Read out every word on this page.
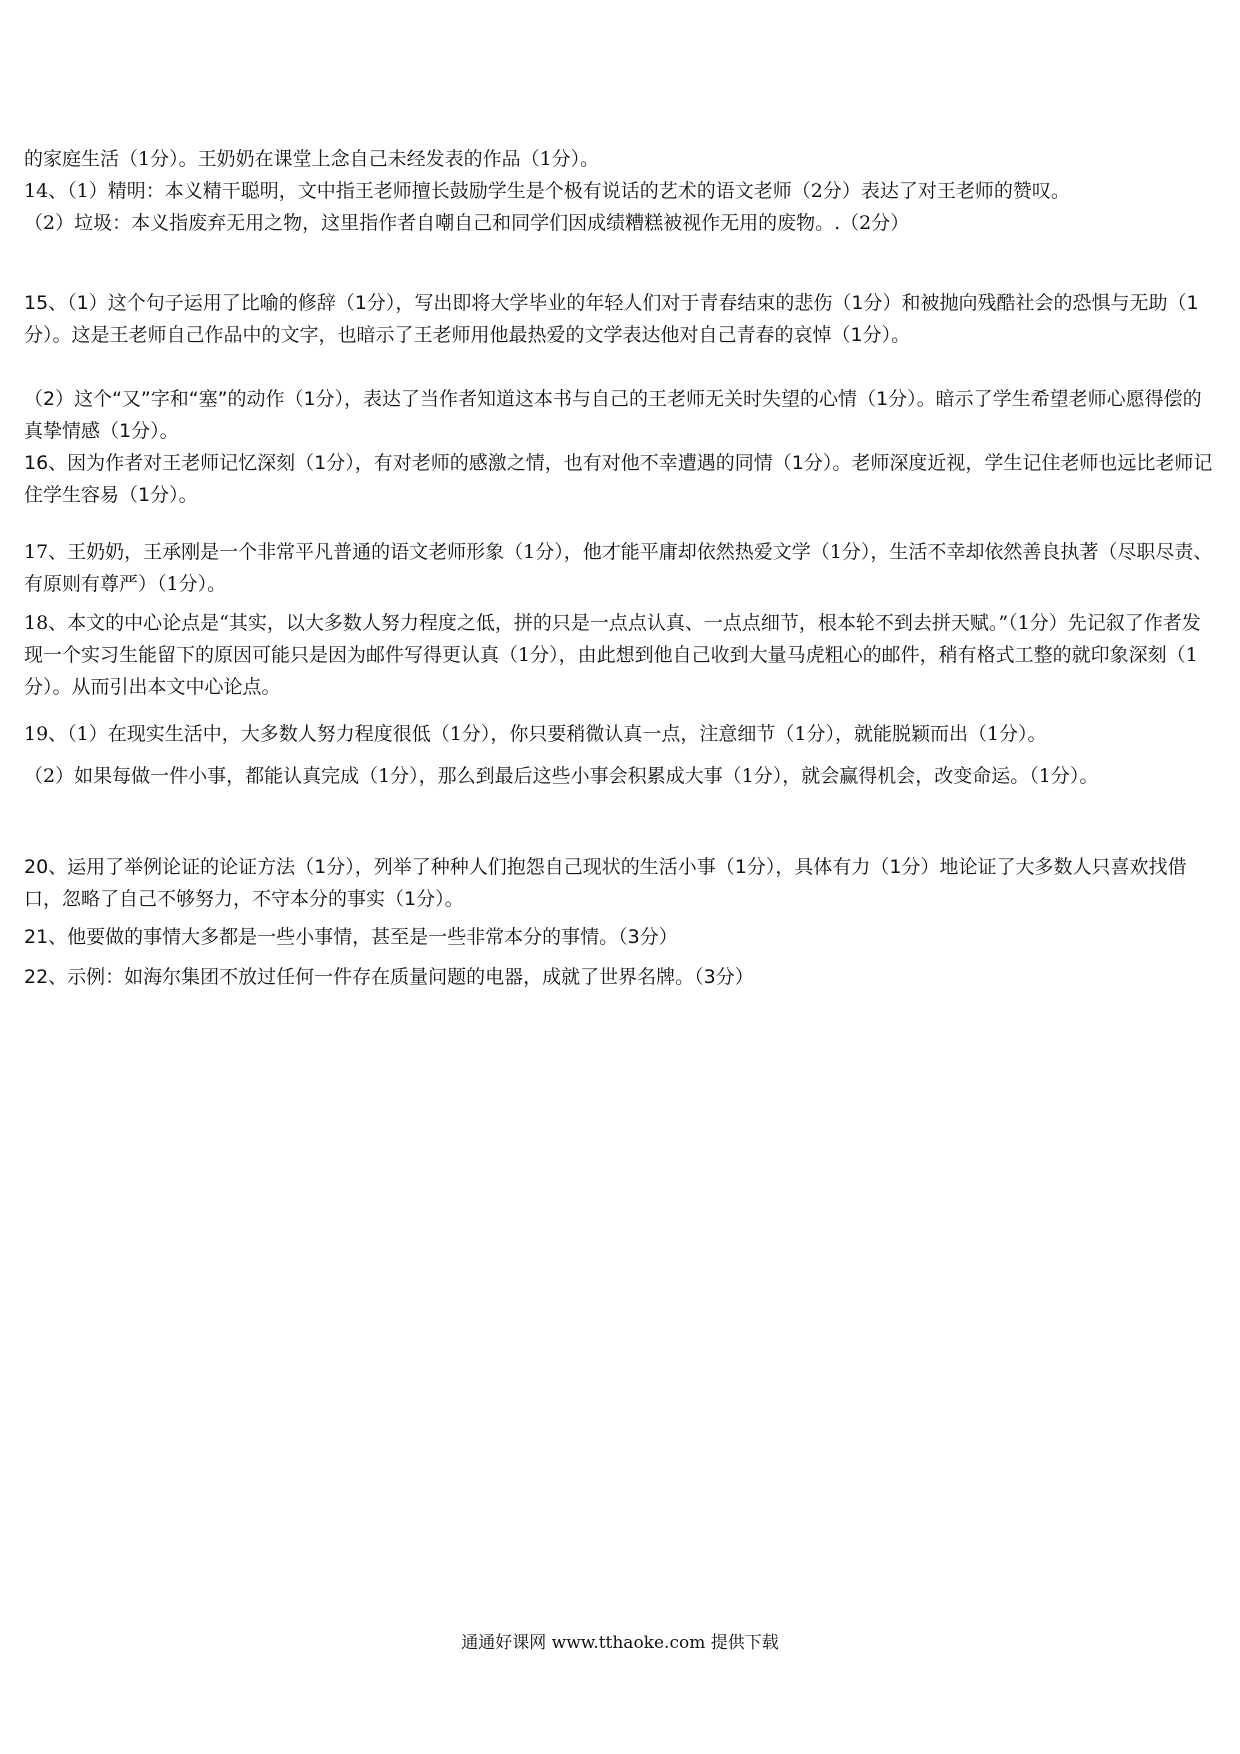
的家庭生活（1分）。王奶奶在课堂上念自己未经发表的作品（1分）。

14、（1）精明：本义精干聪明，文中指王老师擅长鼓励学生是个极有说话的艺术的语文老师（2分）表达了对王老师的赞叹。

（2）垃圾：本义指废弃无用之物，这里指作者自嘲自己和同学们因成绩糟糕被视作无用的废物。.（2分）

15、（1）这个句子运用了比喻的修辞（1分），写出即将大学毕业的年轻人们对于青春结束的悲伤（1分）和被抛向残酷社会的恐惧与无助（1分）。这是王老师自己作品中的文字，也暗示了王老师用他最热爱的文学表达他对自己青春的哀悼（1分）。

（2）这个“又”字和“塞”的动作（1分），表达了当作者知道这本书与自己的王老师无关时失望的心情（1分）。暗示了学生希望老师心愿得偿的真挚情感（1分）。

16、因为作者对王老师记忆深刻（1分），有对老师的感激之情，也有对他不幸遭遇的同情（1分）。老师深度近视，学生记住老师也远比老师记住学生容易（1分）。

17、王奶奶，王承刚是一个非常平凡普通的语文老师形象（1分），他才能平庸却依然热爱文学（1分），生活不幸却依然善良执著（尽职尽责、有原则有尊严）（1分）。

18、本文的中心论点是“其实，以大多数人努力程度之低，拼的只是一点点认真、一点点细节，根本轮不到去拼天赋。”（1分）先记叙了作者发现一个实习生能留下的原因可能只是因为邮件写得更认真（1分），由此想到他自己收到大量马虎粗心的邮件，稍有格式工整的就印象深刻（1分）。从而引出本文中心论点。

19、（1）在现实生活中，大多数人努力程度很低（1分），你只要稍微认真一点，注意细节（1分），就能脱颖而出（1分）。

（2）如果每做一件小事，都能认真完成（1分），那么到最后这些小事会积累成大事（1分），就会赢得机会，改变命运。（1分）。

20、运用了举例论证的论证方法（1分），列举了种种人们抱怨自己现状的生活小事（1分），具体有力（1分）地论证了大多数人只喜欢找借口，忽略了自己不够努力，不守本分的事实（1分）。

21、他要做的事情大多都是一些小事情，甚至是一些非常本分的事情。（3分）

22、示例：如海尔集团不放过任何一件存在质量问题的电器，成就了世界名牌。（3分）

通通好课网 www.tthaoke.com 提供下载
